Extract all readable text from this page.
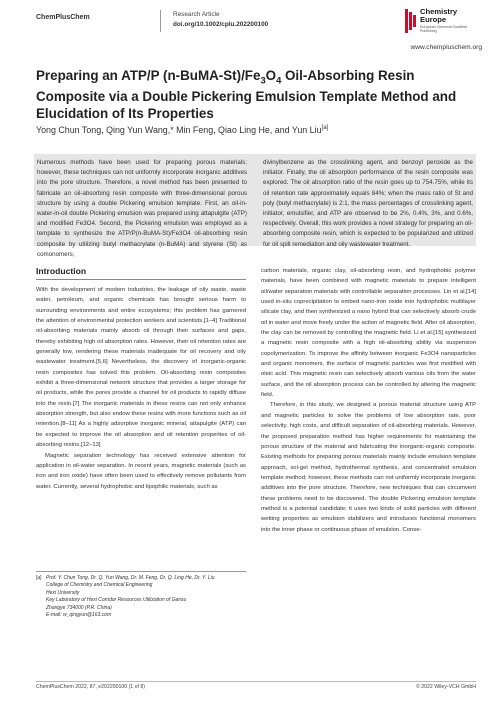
ChemPlusChem	Research Article
doi.org/10.1002/cplu.202200100
Chemistry
Europe
European Chemical Societies Publishing
www.chempluschem.org
Preparing an ATP/P $(n-BuMA-St)/Fe_3O_4$ Oil-Absorbing Resin Composite via a Double Pickering Emulsion Template Method and Elucidation of Its Properties
Yong Chun Tong, Qing Yun Wang,* Min Feng, Qiao Ling He, and Yun Liu[a]
Numerous methods have been used for preparing porous materials; however, these techniques can not uniformly incorporate inorganic additives into the pore structure. Therefore, a novel method has been presented to fabricate an oil-absorbing resin composite with three-dimensional porous structure by using a double Pickering emulsion template. First, an oil-in-water-in-oil double Pickering emulsion was prepared using attapulgite (ATP) and modified Fe3O4. Second, the Pickering emulsion was employed as a template to synthesize the ATP/P(n-BuMA-St)/Fe3O4 oil-absorbing resin composite by utilizing butyl methacrylate (n-BuMA) and styrene (St) as comonomers,
divinylbenzene as the crosslinking agent, and benzoyl peroxide as the initiator. Finally, the oil absorption performance of the resin composite was explored. The oil absorption ratio of the resin goes up to 754.75%, while its oil retention rate approximately equals 84%; when the mass ratio of St and poly (butyl methacrylate) is 2:1, the mass percentages of crosslinking agent, initiator, emulsifier, and ATP are observed to be 2%, 0.4%, 3%, and 0.6%, respectively. Overall, this work provides a novel strategy for preparing an oil-absorbing composite resin, which is expected to be popularized and utilized for oil spill remediation and oily wastewater treatment.
Introduction

With the development of modern industries, the leakage of oily waste, waste water, petroleum, and organic chemicals has brought serious harm to surrounding environments and entire ecosystems; this problem has garnered the attention of environmental protection workers and scientists.[1–4] Traditional oil-absorbing materials mainly absorb oil through their surfaces and gaps, thereby exhibiting high oil absorption rates. However, their oil retention rates are generally low, rendering these materials inadequate for oil recovery and oily wastewater treatment.[5,6] Nevertheless, the discovery of inorganic-organic resin composites has solved this problem. Oil-absorbing resin composites exhibit a three-dimensional network structure that provides a larger storage for oil products, while the pores provide a channel for oil products to rapidly diffuse into the resin.[7] The inorganic materials in these resins can not only enhance absorption strength, but also endow these resins with more functions such as oil retention.[8–11] As a highly adsorptive inorganic mineral, attapulgite (ATP) can be expected to improve the oil absorption and oil retention properties of oil-absorbing resins.[12–13]

Magnetic separation technology has received extensive attention for application in oil-water separation. In recent years, magnetic materials (such as iron and iron oxide) have often been used to effectively remove pollutants from water. Currently, several hydrophobic and lipophilic materials, such as

carbon materials, organic clay, oil-absorbing resin, and hydrophobic polymer materials, have been combined with magnetic materials to prepare intelligent oil/water separation materials with controllable separation processes. Lin et al.[14] used in-situ coprecipitation to embed nano-iron oxide into hydrophobic multilayer silicate clay, and then synthesized a nano hybrid that can selectively absorb crude oil in water and move freely under the action of magnetic field. After oil absorption, the clay can be removed by controlling the magnetic field. Li et al.[15] synthesized a magnetic resin composite with a high oil-absorbing ability via suspension copolymerization. To improve the affinity between inorganic Fe3O4 nanoparticles and organic monomers, the surface of magnetic particles was first modified with oleic acid. This magnetic resin can selectively absorb various oils from the water surface, and the oil absorption process can be controlled by altering the magnetic field.

Therefore, in this study, we designed a porous material structure using ATP and magnetic particles to solve the problems of low absorption rate, poor selectivity, high costs, and difficult separation of oil-absorbing materials. However, the proposed preparation method has higher requirements for maintaining the porous structure of the material and fabricating the inorganic-organic composite. Existing methods for preparing porous materials mainly include emulsion template approach, sol-gel method, hydrothermal synthesis, and concentrated emulsion template method; however, these methods can not uniformly incorporate inorganic additives into the pore structure. Therefore, new techniques that can circumvent these problems need to be discovered. The double Pickering emulsion template method is a potential candidate; it uses two kinds of solid particles with different wetting properties as emulsion stabilizers and introduces functional monomers into the inner phase or continuous phase of emulsion. Conse-

[a] Prof. Y. Chun Tong, Dr. Q. Yun Wang, Dr. M. Feng, Dr. Q. Ling He, Dr. Y. Liu
College of Chemistry and Chemical Engineering
Hexi University
Key Laboratory of Hexi Corridor Resources Utilization of Gansu
Zhangye 734000 (P.R. China)
E-mail: w_qingyun@163.com
ChemPlusChem 2022, 87, e202200100 (1 of 8)	© 2022 Wiley-VCH GmbH
